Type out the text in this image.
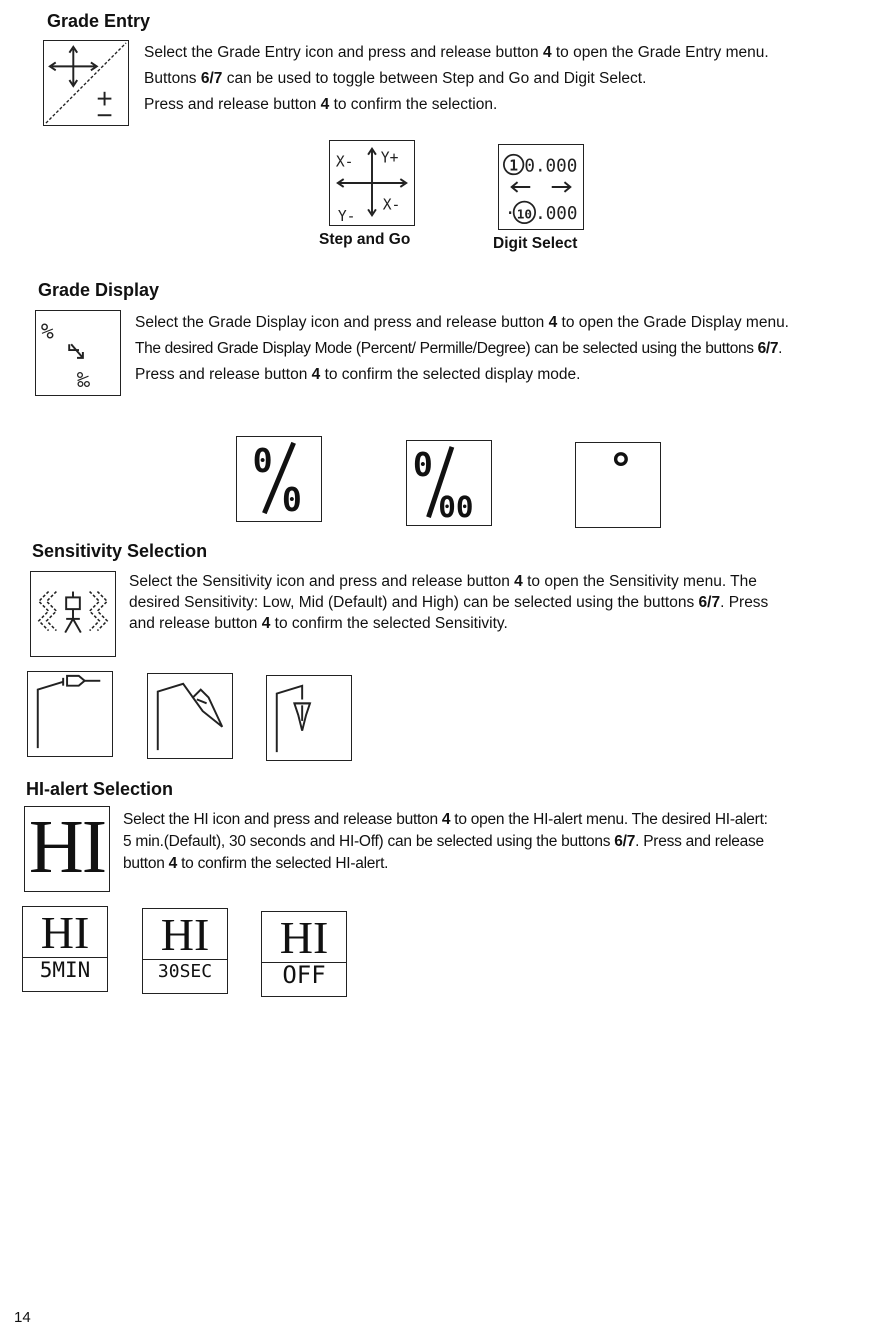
Grade Entry
Select the Grade Entry icon and press and release button 4 to open the Grade Entry menu.
Buttons 6/7 can be used to toggle between Step and Go and Digit Select.
Press and release button 4 to confirm the selection.
X- Y+
Y-
X-
Step and Go
1 0.000
· 10 .000
Digit Select
Grade Display
%
‰
Select the Grade Display icon and press and release button 4 to open the Grade Display menu.
The desired Grade Display Mode (Percent/ Permille/Degree) can be selected using the buttons 6/7.
Press and release button 4 to confirm the selected display mode.
0
0
0
00
°
Sensitivity Selection
Select the Sensitivity icon and press and release button 4 to open the Sensitivity menu. The
desired Sensitivity: Low, Mid (Default) and High) can be selected using the buttons 6/7. Press
and release button 4 to confirm the selected Sensitivity.
HI-alert Selection
HI Select the HI icon and press and release button 4 to open the HI-alert menu. The desired HI-alert:
5 min.(Default), 30 seconds and HI-Off) can be selected using the buttons 6/7. Press and release
button 4 to confirm the selected HI-alert.
HI
5MIN
HI
30SEC
HI
OFF
14
